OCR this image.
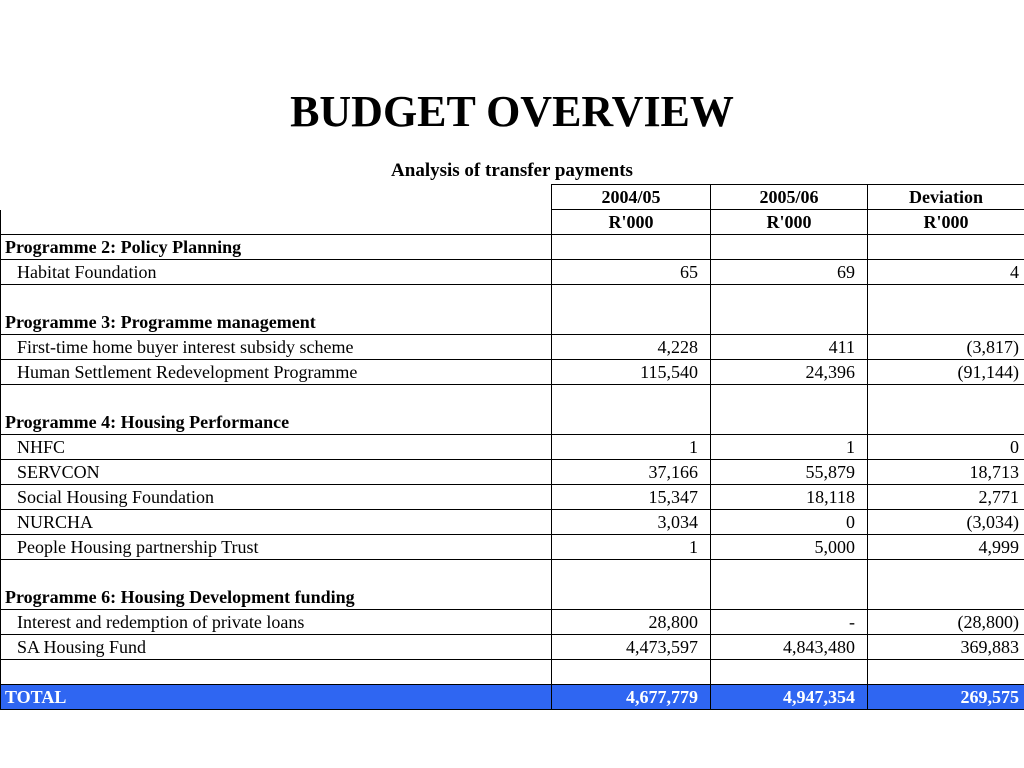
BUDGET OVERVIEW
Analysis of transfer payments
	2004/05	2005/06	Deviation
	R'000	R'000	R'000
Programme 2: Policy Planning			
Habitat Foundation	65	69	4
Programme 3: Programme management			
First-time home buyer interest subsidy scheme	4,228	411	(3,817)
Human Settlement Redevelopment Programme	115,540	24,396	(91,144)
Programme 4: Housing Performance			
NHFC	1	1	0
SERVCON	37,166	55,879	18,713
Social Housing Foundation	15,347	18,118	2,771
NURCHA	3,034	0	(3,034)
People Housing partnership Trust	1	5,000	4,999
Programme 6: Housing Development funding			
Interest and redemption of private loans	28,800	-	(28,800)
SA Housing Fund	4,473,597	4,843,480	369,883

TOTAL	4,677,779	4,947,354	269,575
